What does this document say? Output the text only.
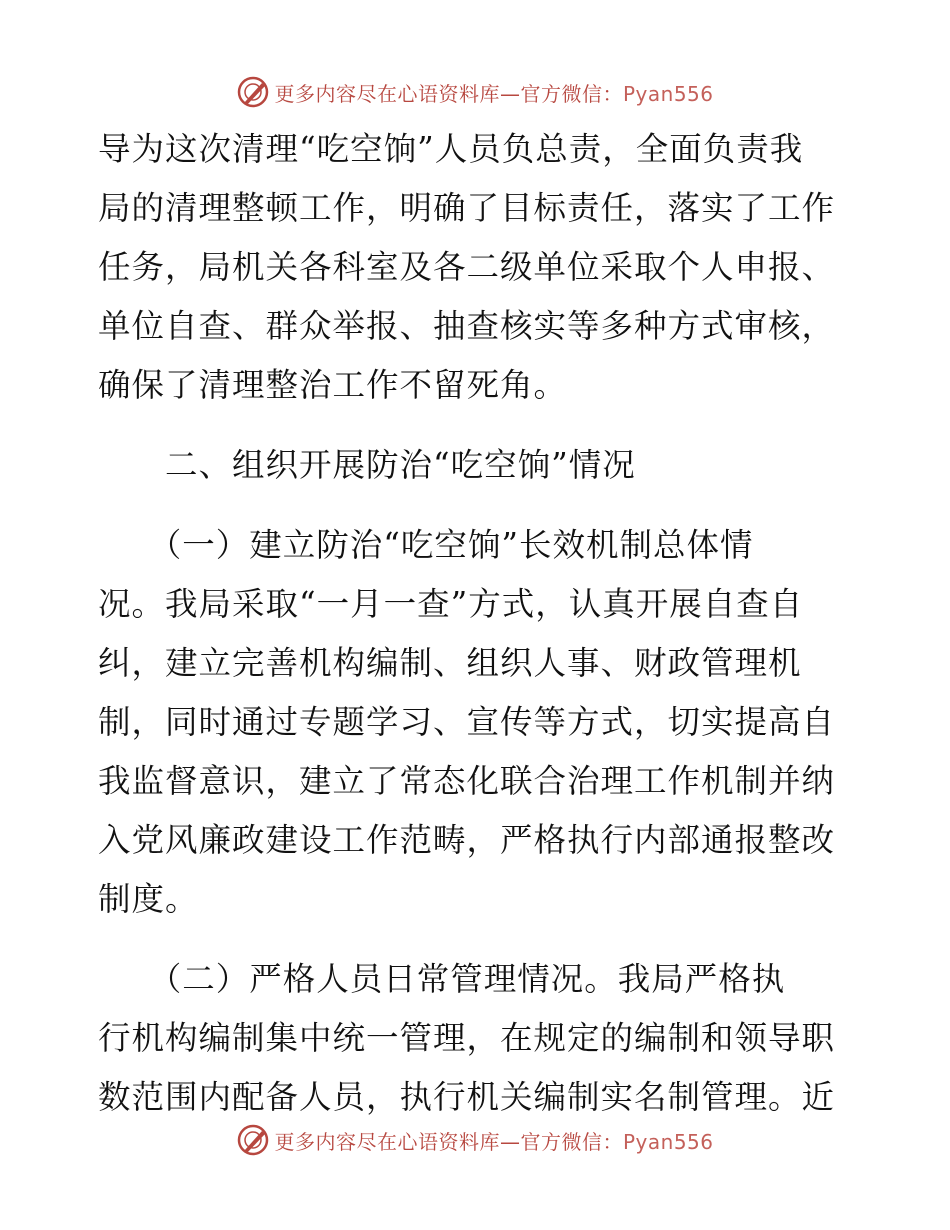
更多内容尽在心语资料库—官方微信：Pyan556

导为这次清理“吃空饷”人员负总责，全面负责我

局的清理整顿工作，明确了目标责任，落实了工作

任务，局机关各科室及各二级单位采取个人申报、

单位自查、群众举报、抽查核实等多种方式审核，

确保了清理整治工作不留死角。

　　二、组织开展防治“吃空饷”情况

　　（一）建立防治“吃空饷”长效机制总体情

况。我局采取“一月一查”方式，认真开展自查自

纠，建立完善机构编制、组织人事、财政管理机

制，同时通过专题学习、宣传等方式，切实提高自

我监督意识，建立了常态化联合治理工作机制并纳

入党风廉政建设工作范畴，严格执行内部通报整改

制度。

　　（二）严格人员日常管理情况。我局严格执

行机构编制集中统一管理，在规定的编制和领导职

数范围内配备人员，执行机关编制实名制管理。近

更多内容尽在心语资料库—官方微信：Pyan556
